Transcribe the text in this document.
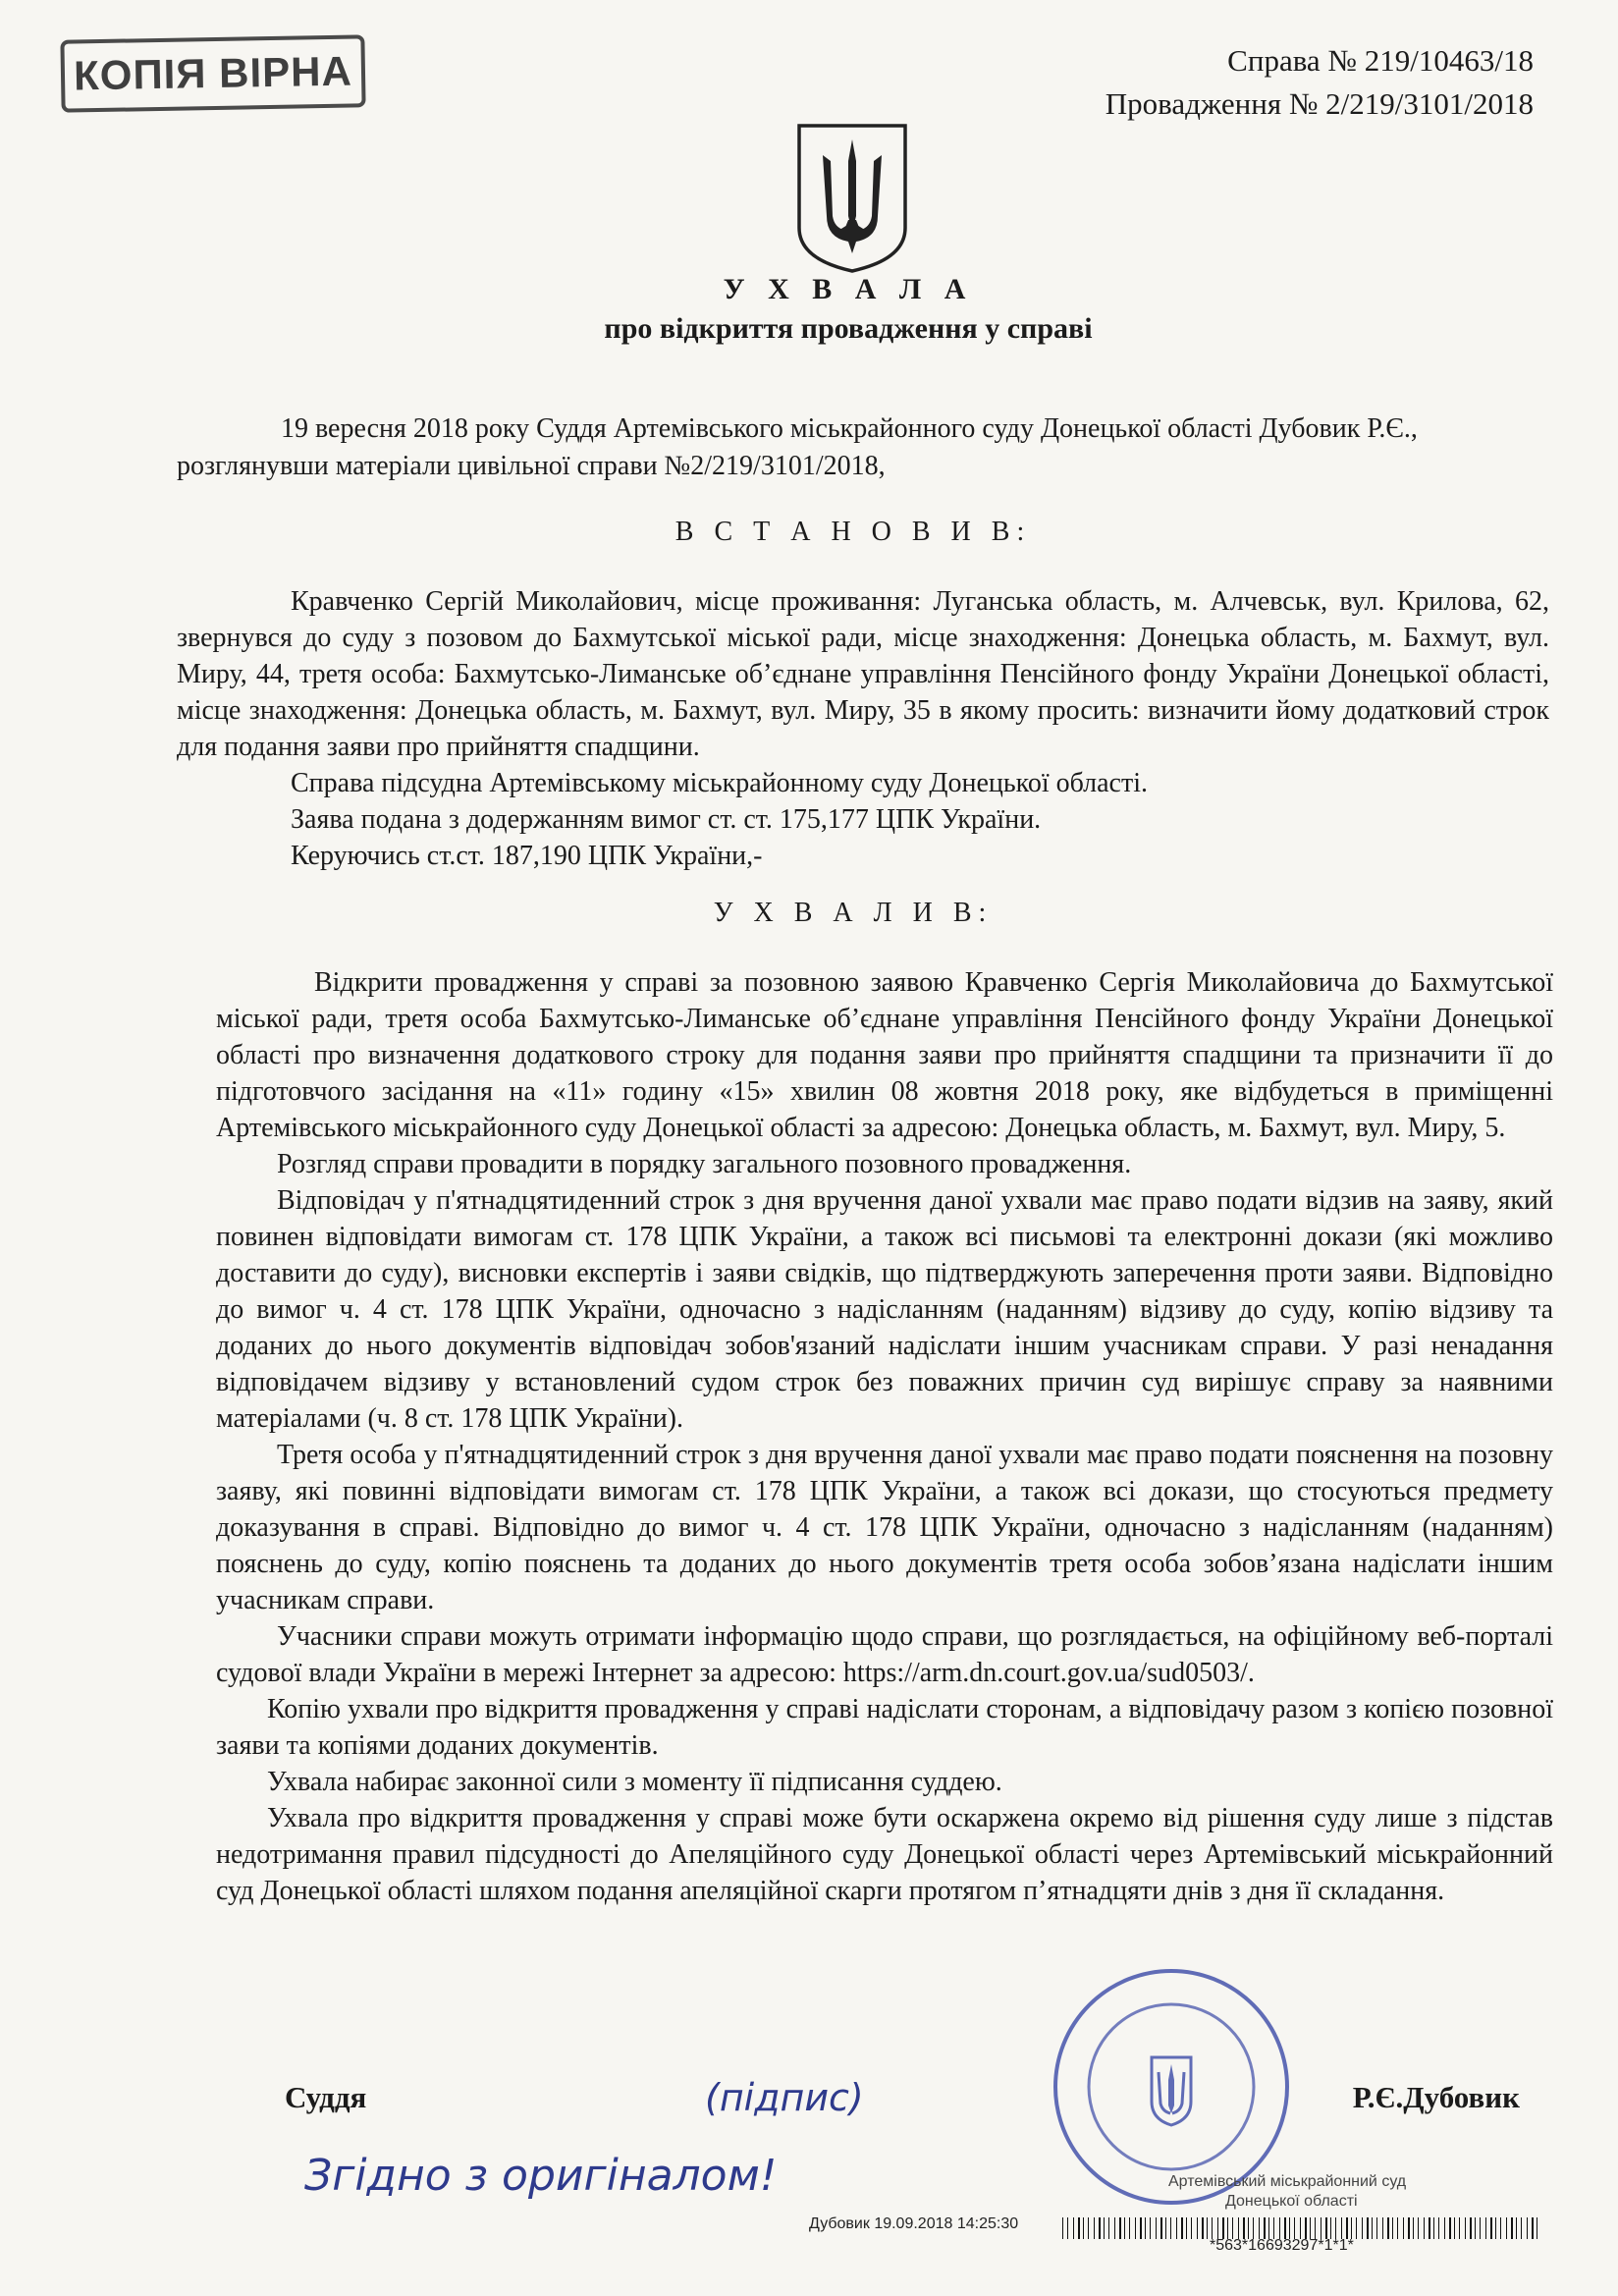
КОПІЯ ВІРНА	Справа № 219/10463/18
Провадження № 2/219/3101/2018
У Х В А Л А
про відкриття провадження у справі

19 вересня 2018 року Суддя Артемівського міськрайонного суду Донецької області Дубовик Р.Є., розглянувши матеріали цивільної справи №2/219/3101/2018,

В С Т А Н О В И В:

Кравченко Сергій Миколайович, місце проживання: Луганська область, м. Алчевськ, вул. Крилова, 62, звернувся до суду з позовом до Бахмутської міської ради, місце знаходження: Донецька область, м. Бахмут, вул. Миру, 44, третя особа: Бахмутсько-Лиманське об’єднане управління Пенсійного фонду України Донецької області, місце знаходження: Донецька область, м. Бахмут, вул. Миру, 35 в якому просить: визначити йому додатковий строк для подання заяви про прийняття спадщини.

Справа підсудна Артемівському міськрайонному суду Донецької області.

Заява подана з додержанням вимог ст. ст. 175,177 ЦПК України.

Керуючись ст.ст. 187,190 ЦПК України,-

У Х В А Л И В:

Відкрити провадження у справі за позовною заявою Кравченко Сергія Миколайовича до Бахмутської міської ради, третя особа Бахмутсько-Лиманське об’єднане управління Пенсійного фонду України Донецької області про визначення додаткового строку для подання заяви про прийняття спадщини та призначити її до підготовчого засідання на «11» годину «15» хвилин 08 жовтня 2018 року, яке відбудеться в приміщенні Артемівського міськрайонного суду Донецької області за адресою: Донецька область, м. Бахмут, вул. Миру, 5.

Розгляд справи провадити в порядку загального позовного провадження.

Відповідач у п'ятнадцятиденний строк з дня вручення даної ухвали має право подати відзив на заяву, який повинен відповідати вимогам ст. 178 ЦПК України, а також всі письмові та електронні докази (які можливо доставити до суду), висновки експертів і заяви свідків, що підтверджують заперечення проти заяви. Відповідно до вимог ч. 4 ст. 178 ЦПК України, одночасно з надісланням (наданням) відзиву до суду, копію відзиву та доданих до нього документів відповідач зобов'язаний надіслати іншим учасникам справи. У разі ненадання відповідачем відзиву у встановлений судом строк без поважних причин суд вирішує справу за наявними матеріалами (ч. 8 ст. 178 ЦПК України).

Третя особа у п'ятнадцятиденний строк з дня вручення даної ухвали має право подати пояснення на позовну заяву, які повинні відповідати вимогам ст. 178 ЦПК України, а також всі докази, що стосуються предмету доказування в справі. Відповідно до вимог ч. 4 ст. 178 ЦПК України, одночасно з надісланням (наданням) пояснень до суду, копію пояснень та доданих до нього документів третя особа зобов’язана надіслати іншим учасникам справи.

Учасники справи можуть отримати інформацію щодо справи, що розглядається, на офіційному веб-порталі судової влади України в мережі Інтернет за адресою: https://arm.dn.court.gov.ua/sud0503/.

Копію ухвали про відкриття провадження у справі надіслати сторонам, а відповідачу разом з копією позовної заяви та копіями доданих документів.

Ухвала набирає законної сили з моменту її підписання суддею.

Ухвала про відкриття провадження у справі може бути оскаржена окремо від рішення суду лише з підстав недотримання правил підсудності до Апеляційного суду Донецької області через Артемівський міськрайонний суд Донецької області шляхом подання апеляційної скарги протягом п’ятнадцяти днів з дня її складання.

(підпис)
Суддя	Р.Є.Дубовик
Згідно з оригіналом!	Артемівський міськрайонний суд
Донецької області
Дубовик 19.09.2018 14:25:30
*563*16693297*1*1*
